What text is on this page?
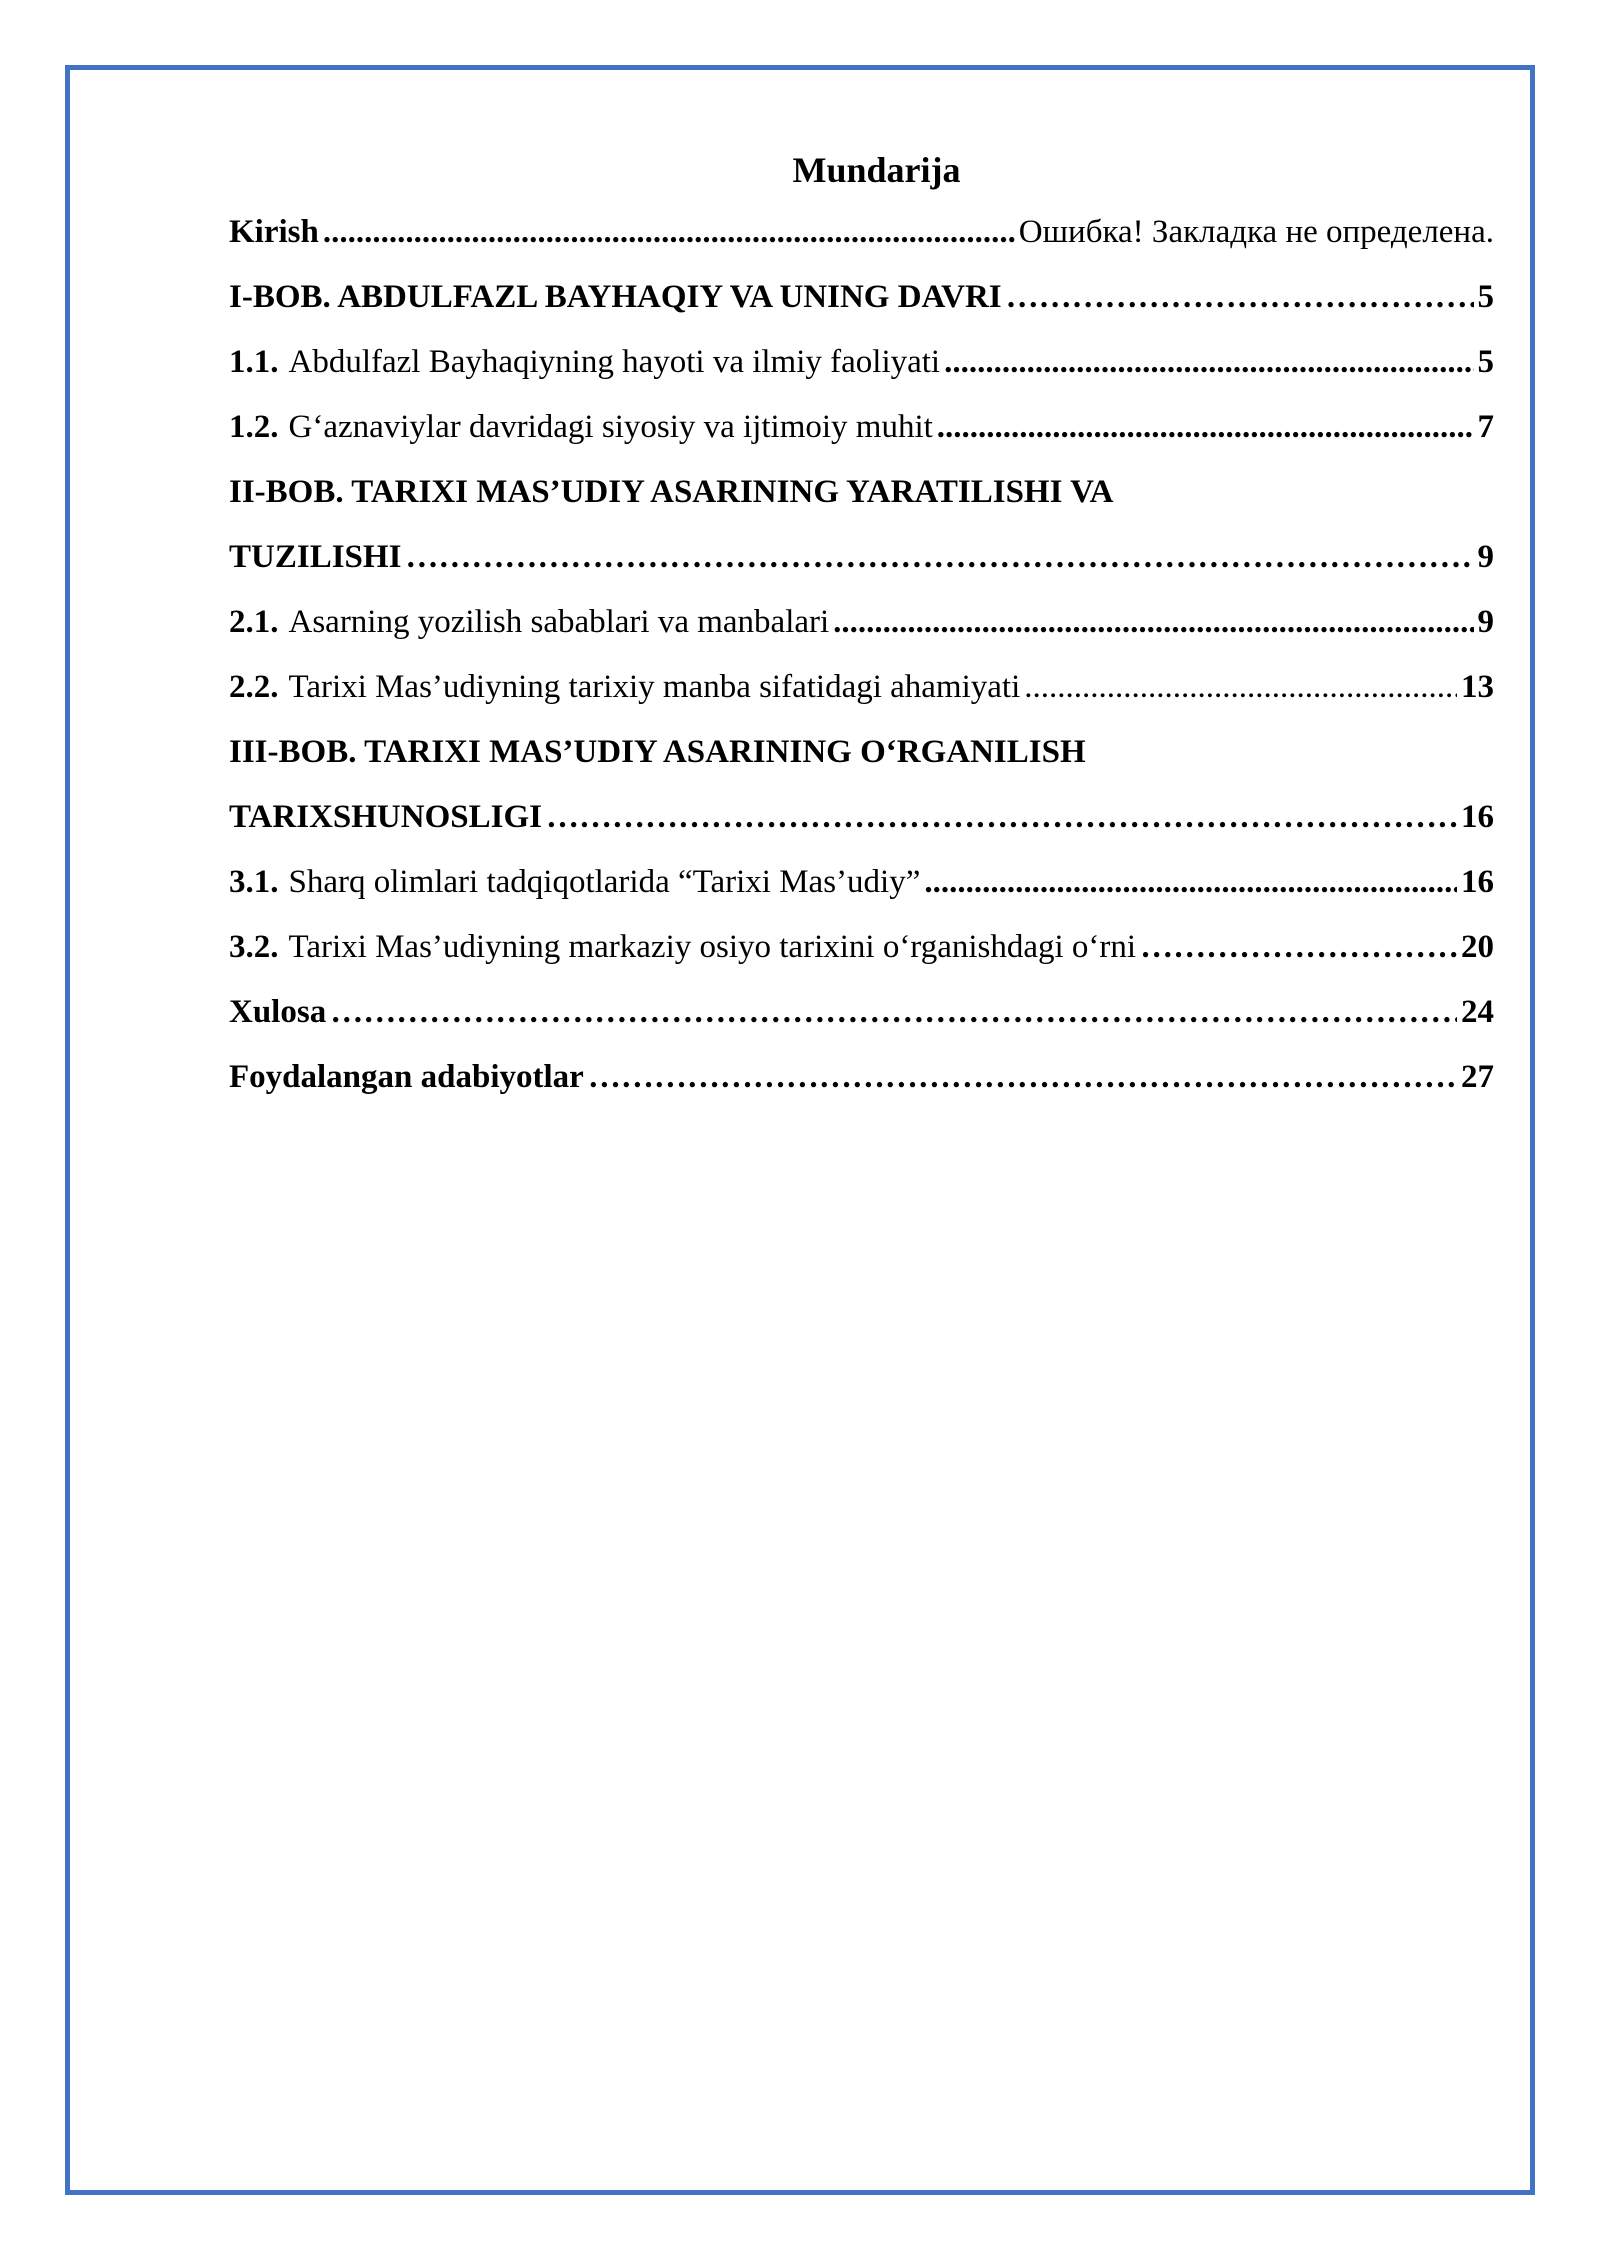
Mundarija
Kirish .....	Ошибка! Закладка не определена.
I-BOB. ABDULFAZL BAYHAQIY VA UNING DAVRI ………………………………………………………………………………………………………………………………………………………………………………………………	5
1.1. Abdulfazl Bayhaqiyning hayoti va ilmiy faoliyati .....	5
1.2. G‘aznaviylar davridagi siyosiy va ijtimoiy muhit .....	7
II-BOB. TARIXI MAS’UDIY ASARINING YARATILISHI VA
TUZILISHI ………………………………………………………………………………………………………………………………………………………………………………………………	9
2.1. Asarning yozilish sabablari va manbalari .....	9
2.2. Tarixi Mas’udiyning tarixiy manba sifatidagi ahamiyati .....	13
III-BOB. TARIXI MAS’UDIY ASARINING O‘RGANILISH
TARIXSHUNOSLIGI ………………………………………………………………………………………………………………………………………………………………………………………………	16
3.1. Sharq olimlari tadqiqotlarida “Tarixi Mas’udiy” .....	16
3.2. Tarixi Mas’udiyning markaziy osiyo tarixini o‘rganishdagi o‘rni ………………………………………………………………………………………………………………………………………………………………………………………………	20
Xulosa ………………………………………………………………………………………………………………………………………………………………………………………………	24
Foydalangan adabiyotlar ………………………………………………………………………………………………………………………………………………………………………………………………	27
